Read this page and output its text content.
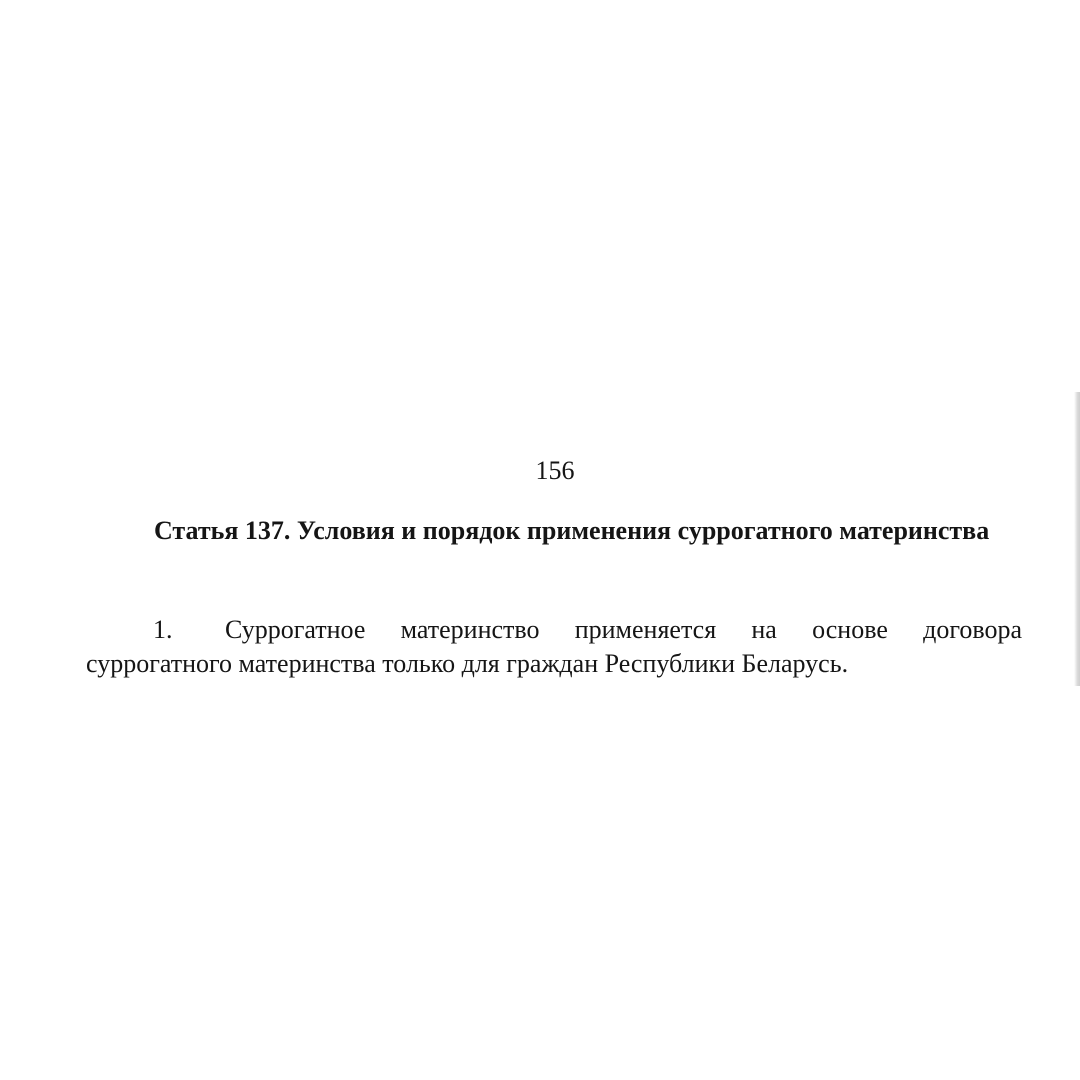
156

Статья 137. Условия и порядок применения суррогатного материнства

1.	Суррогатное материнство применяется на основе договора
суррогатного материнства только для граждан Республики Беларусь.
